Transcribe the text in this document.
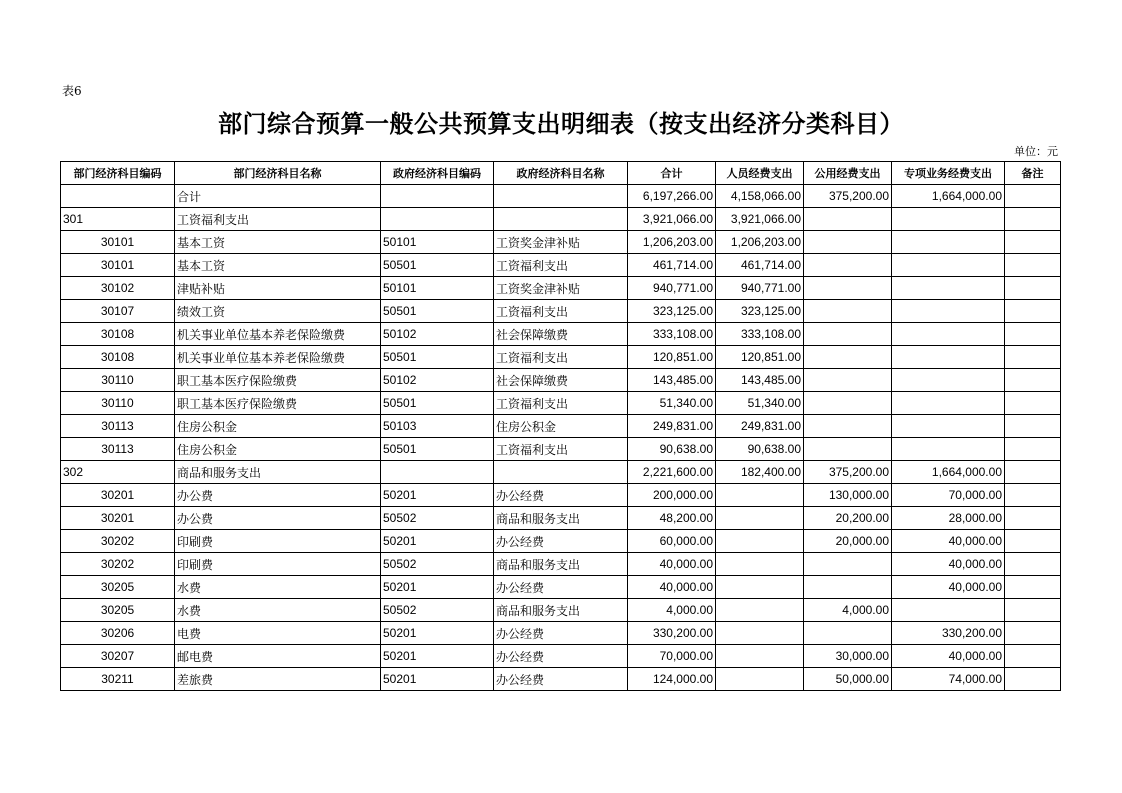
表6
部门综合预算一般公共预算支出明细表（按支出经济分类科目）
单位：元
部门经济科目编码	部门经济科目名称	政府经济科目编码	政府经济科目名称	合计	人员经费支出	公用经费支出	专项业务经费支出	备注
	合计			6,197,266.00	4,158,066.00	375,200.00	1,664,000.00	
301	工资福利支出			3,921,066.00	3,921,066.00			
30101	基本工资	50101	工资奖金津补贴	1,206,203.00	1,206,203.00			
30101	基本工资	50501	工资福利支出	461,714.00	461,714.00			
30102	津贴补贴	50101	工资奖金津补贴	940,771.00	940,771.00			
30107	绩效工资	50501	工资福利支出	323,125.00	323,125.00			
30108	机关事业单位基本养老保险缴费	50102	社会保障缴费	333,108.00	333,108.00			
30108	机关事业单位基本养老保险缴费	50501	工资福利支出	120,851.00	120,851.00			
30110	职工基本医疗保险缴费	50102	社会保障缴费	143,485.00	143,485.00			
30110	职工基本医疗保险缴费	50501	工资福利支出	51,340.00	51,340.00			
30113	住房公积金	50103	住房公积金	249,831.00	249,831.00			
30113	住房公积金	50501	工资福利支出	90,638.00	90,638.00			
302	商品和服务支出			2,221,600.00	182,400.00	375,200.00	1,664,000.00	
30201	办公费	50201	办公经费	200,000.00		130,000.00	70,000.00	
30201	办公费	50502	商品和服务支出	48,200.00		20,200.00	28,000.00	
30202	印刷费	50201	办公经费	60,000.00		20,000.00	40,000.00	
30202	印刷费	50502	商品和服务支出	40,000.00			40,000.00	
30205	水费	50201	办公经费	40,000.00			40,000.00	
30205	水费	50502	商品和服务支出	4,000.00		4,000.00		
30206	电费	50201	办公经费	330,200.00			330,200.00	
30207	邮电费	50201	办公经费	70,000.00		30,000.00	40,000.00	
30211	差旅费	50201	办公经费	124,000.00		50,000.00	74,000.00	
